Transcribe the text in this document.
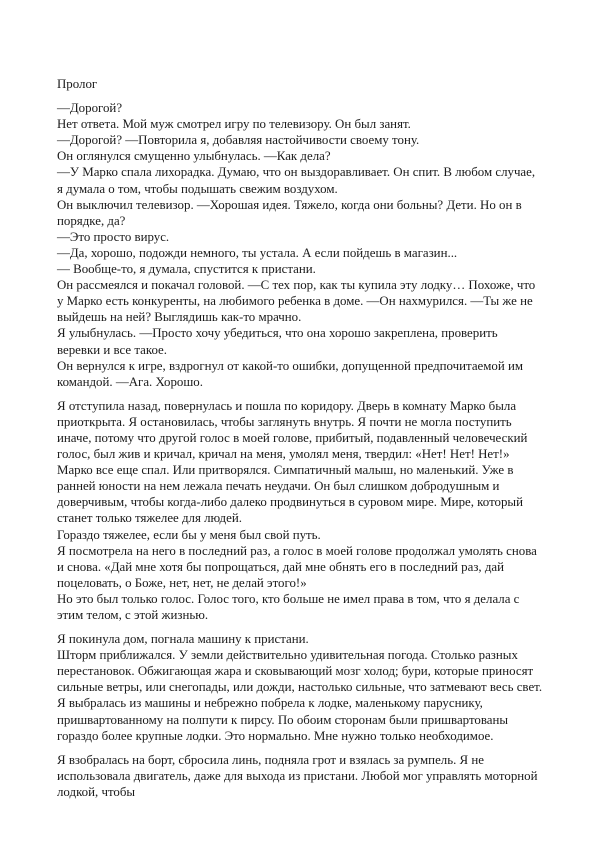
Пролог
—Дорогой?
Нет ответа. Мой муж смотрел игру по телевизору. Он был занят.
—Дорогой? —Повторила я, добавляя настойчивости своему тону.
Он оглянулся смущенно улыбнулась. —Как дела?
—У Марко спала лихорадка. Думаю, что он выздоравливает. Он спит. В любом случае, я думала о том, чтобы подышать свежим воздухом.
Он выключил телевизор. —Хорошая идея. Тяжело, когда они больны? Дети. Но он в порядке, да?
—Это просто вирус.
—Да, хорошо, подожди немного, ты устала. А если пойдешь в магазин...
— Вообще-то, я думала, спустится к пристани.
Он рассмеялся и покачал головой. —С тех пор, как ты купила эту лодку… Похоже, что у Марко есть конкуренты, на любимого ребенка в доме. —Он нахмурился. —Ты же не выйдешь на ней? Выглядишь как-то мрачно.
Я улыбнулась. —Просто хочу убедиться, что она хорошо закреплена, проверить веревки и все такое.
Он вернулся к игре, вздрогнул от какой-то ошибки, допущенной предпочитаемой им командой. —Ага. Хорошо.
Я отступила назад, повернулась и пошла по коридору. Дверь в комнату Марко была приоткрыта. Я остановилась, чтобы заглянуть внутрь. Я почти не могла поступить иначе, потому что другой голос в моей голове, прибитый, подавленный человеческий голос, был жив и кричал, кричал на меня, умолял меня, твердил: «Нет! Нет! Нет!»
Марко все еще спал. Или притворялся. Симпатичный малыш, но маленький. Уже в ранней юности на нем лежала печать неудачи. Он был слишком добродушным и доверчивым, чтобы когда-либо далеко продвинуться в суровом мире. Мире, который станет только тяжелее для людей.
Гораздо тяжелее, если бы у меня был свой путь.
Я посмотрела на него в последний раз, а голос в моей голове продолжал умолять снова и снова. «Дай мне хотя бы попрощаться, дай мне обнять его в последний раз, дай поцеловать, о Боже, нет, нет, не делай этого!»
Но это был только голос. Голос того, кто больше не имел права в том, что я делала с этим телом, с этой жизнью.
Я покинула дом, погнала машину к пристани.
Шторм приближался. У земли действительно удивительная погода. Столько разных перестановок. Обжигающая жара и сковывающий мозг холод; бури, которые приносят сильные ветры, или снегопады, или дожди, настолько сильные, что затмевают весь свет.
Я выбралась из машины и небрежно побрела к лодке, маленькому паруснику, пришвартованному на полпути к пирсу. По обоим сторонам были пришвартованы гораздо более крупные лодки. Это нормально. Мне нужно только необходимое.
Я взобралась на борт, сбросила линь, подняла грот и взялась за румпель. Я не использовала двигатель, даже для выхода из пристани. Любой мог управлять моторной лодкой, чтобы
